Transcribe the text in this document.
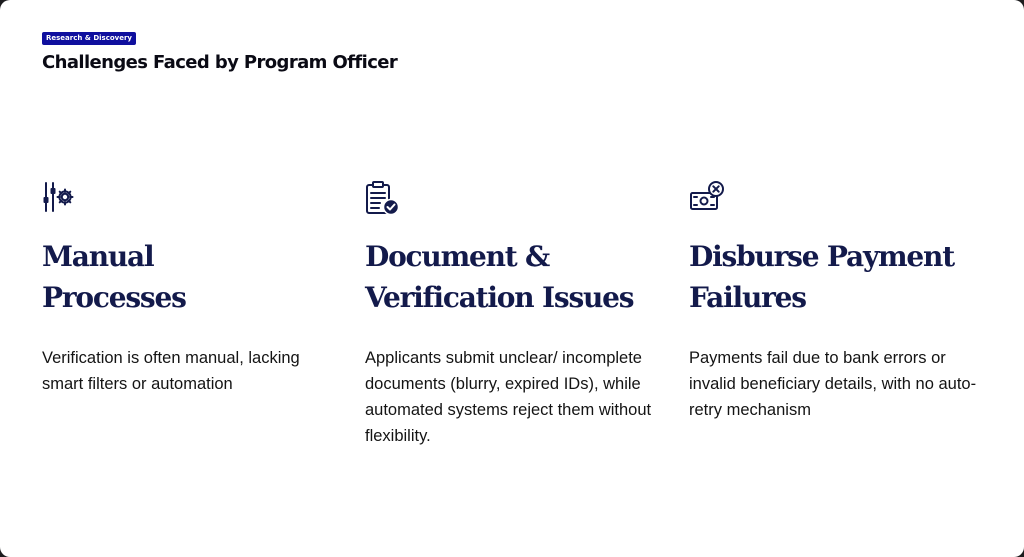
Research & Discovery
Challenges Faced by Program Officer
Manual
Processes

Verification is often manual, lacking smart filters or automation

Document &
Verification Issues

Applicants submit unclear/ incomplete documents (blurry, expired IDs), while automated systems reject them without flexibility.

Disburse Payment
Failures

Payments fail due to bank errors or invalid beneficiary details, with no auto-retry mechanism
